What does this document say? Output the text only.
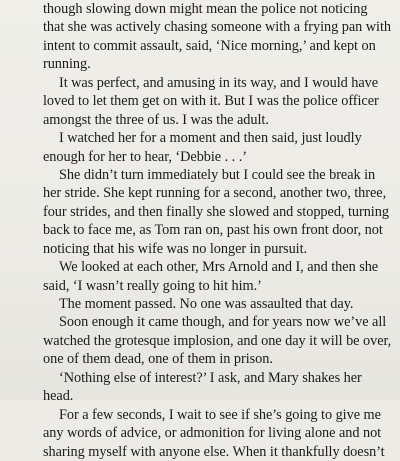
though slowing down might mean the police not noticing
that she was actively chasing someone with a frying pan with
intent to commit assault, said, ‘Nice morning,’ and kept on
running.
It was perfect, and amusing in its way, and I would have
loved to let them get on with it. But I was the police officer
amongst the three of us. I was the adult.
I watched her for a moment and then said, just loudly
enough for her to hear, ‘Debbie . . .’
She didn’t turn immediately but I could see the break in
her stride. She kept running for a second, another two, three,
four strides, and then finally she slowed and stopped, turning
back to face me, as Tom ran on, past his own front door, not
noticing that his wife was no longer in pursuit.
We looked at each other, Mrs Arnold and I, and then she
said, ‘I wasn’t really going to hit him.’
The moment passed. No one was assaulted that day.
Soon enough it came though, and for years now we’ve all
watched the grotesque implosion, and one day it will be over,
one of them dead, one of them in prison.
‘Nothing else of interest?’ I ask, and Mary shakes her
head.
For a few seconds, I wait to see if she’s going to give me
any words of advice, or admonition for living alone and not
sharing myself with anyone else. When it thankfully doesn’t
